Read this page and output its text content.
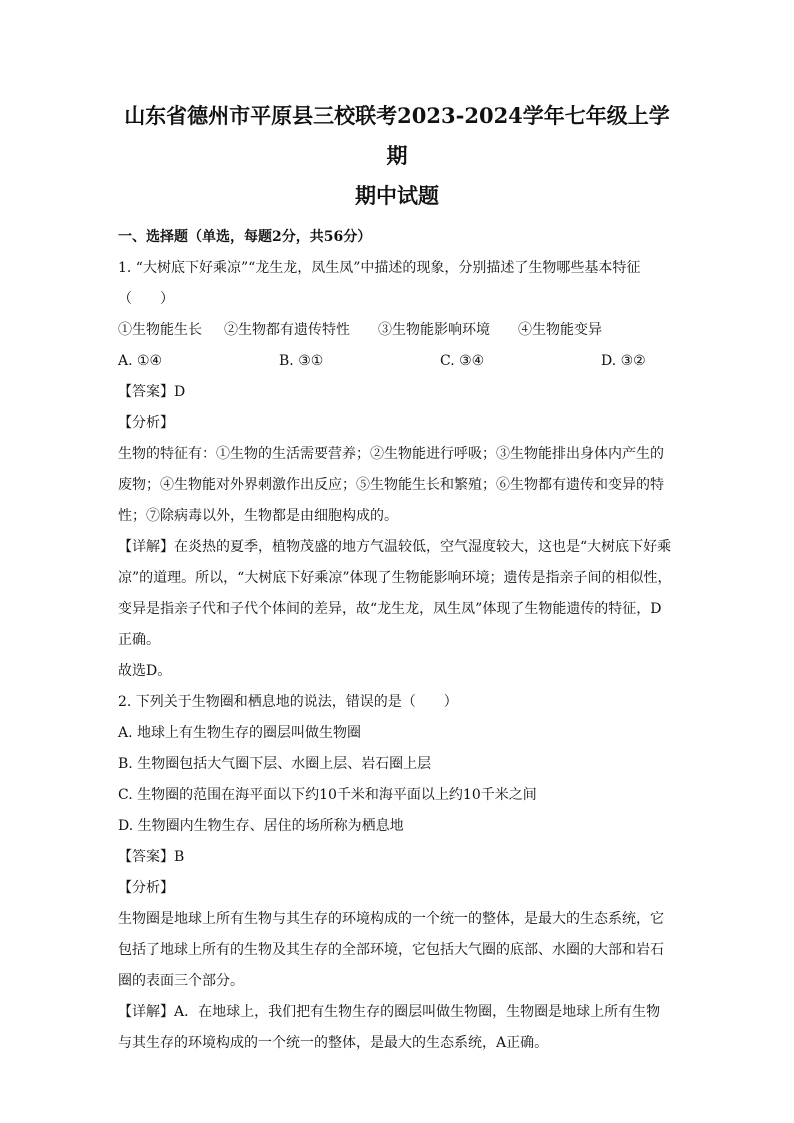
山东省德州市平原县三校联考2023-2024学年七年级上学期
期中试题

一、选择题（单选，每题2分，共56分）

1. “大树底下好乘凉”“龙生龙，凤生凤”中描述的现象，分别描述了生物哪些基本特征

（　　）

①生物能生长	②生物都有遗传特性	③生物能影响环境	④生物能变异
A. ①④	B. ③①	C. ③④	D. ③②

【答案】D

【分析】

生物的特征有：①生物的生活需要营养；②生物能进行呼吸；③生物能排出身体内产生的

废物；④生物能对外界刺激作出反应；⑤生物能生长和繁殖；⑥生物都有遗传和变异的特

性；⑦除病毒以外，生物都是由细胞构成的。

【详解】在炎热的夏季，植物茂盛的地方气温较低，空气湿度较大，这也是“大树底下好乘

凉”的道理。所以，“大树底下好乘凉”体现了生物能影响环境；遗传是指亲子间的相似性，

变异是指亲子代和子代个体间的差异，故“龙生龙，凤生凤”体现了生物能遗传的特征，D

正确。

故选D。

2. 下列关于生物圈和栖息地的说法，错误的是（　　）

A. 地球上有生物生存的圈层叫做生物圈

B. 生物圈包括大气圈下层、水圈上层、岩石圈上层

C. 生物圈的范围在海平面以下约10千米和海平面以上约10千米之间

D. 生物圈内生物生存、居住的场所称为栖息地

【答案】B

【分析】

生物圈是地球上所有生物与其生存的环境构成的一个统一的整体，是最大的生态系统，它

包括了地球上所有的生物及其生存的全部环境，它包括大气圈的底部、水圈的大部和岩石

圈的表面三个部分。

【详解】A．在地球上，我们把有生物生存的圈层叫做生物圈，生物圈是地球上所有生物

与其生存的环境构成的一个统一的整体，是最大的生态系统，A正确。
